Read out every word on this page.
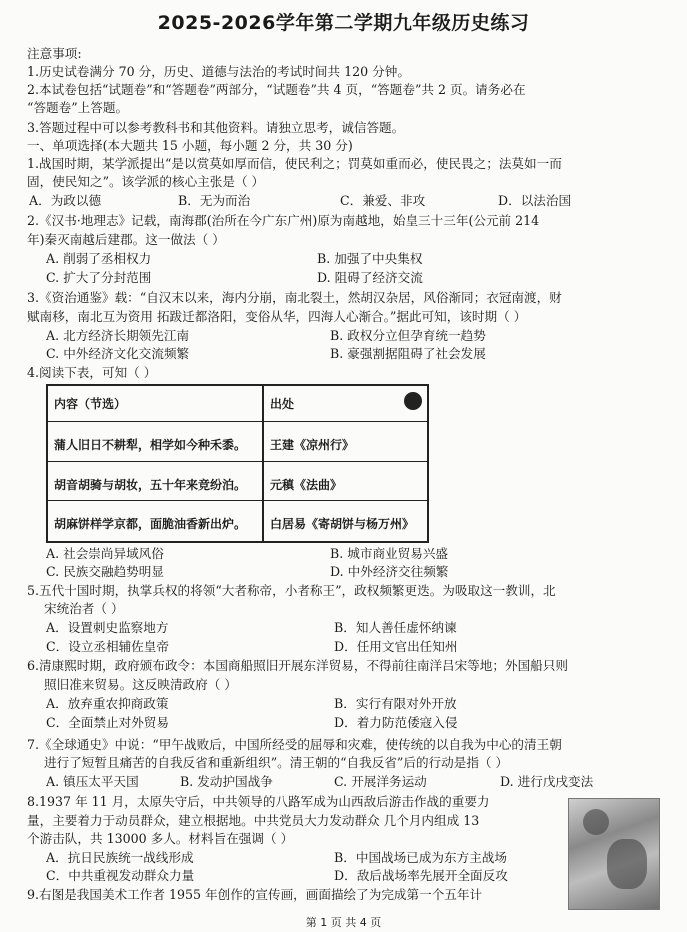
2025-2026学年第二学期九年级历史练习
注意事项:
1.历史试卷满分 70 分，历史、道德与法治的考试时间共 120 分钟。
2.本试卷包括“试题卷”和“答题卷”两部分，“试题卷”共 4 页，“答题卷”共 2 页。请务必在
“答题卷”上答题。
3.答题过程中可以参考教科书和其他资料。请独立思考，诚信答题。
一、单项选择(本大题共 15 小题，每小题 2 分，共 30 分)
1.战国时期，某学派提出“是以赏莫如厚而信，使民利之；罚莫如重而必，使民畏之；法莫如一而
固，使民知之”。该学派的核心主张是（ ）
A．为政以德	B．无为而治	C．兼爱、非攻	D．以法治国
2.《汉书·地理志》记载，南海郡(治所在今广东广州)原为南越地，始皇三十三年(公元前 214
年)秦灭南越后建郡。这一做法（ ）
A. 削弱了丞相权力	B. 加强了中央集权
C. 扩大了分封范围	D. 阻碍了经济交流
3.《资治通鉴》载：“自汉末以来，海内分崩，南北裂土，然胡汉杂居，风俗渐同；衣冠南渡，财
赋南移，南北互为资用 拓跋迁都洛阳，变俗从华，四海人心渐合。”据此可知，该时期（ ）
A. 北方经济长期领先江南	B. 政权分立但孕育统一趋势
C. 中外经济文化交流频繁	B. 豪强割据阻碍了社会发展
4.阅读下表，可知（ ）
内容（节选）	出处
蒲人旧日不耕犁，相学如今种禾黍。 王建《凉州行》
胡音胡骑与胡妆，五十年来竞纷泊。 元稹《法曲》
胡麻饼样学京都，面脆油香新出炉。 白居易《寄胡饼与杨万州》
A. 社会崇尚异域风俗	B. 城市商业贸易兴盛
C. 民族交融趋势明显	D. 中外经济交往频繁
5.五代十国时期，执掌兵权的将领“大者称帝，小者称王”，政权频繁更迭。为吸取这一教训，北
宋统治者（ ）
A．设置刺史监察地方	B．知人善任虚怀纳谏
C．设立丞相辅佐皇帝	D．任用文官出任知州
6.清康熙时期，政府颁布政令：本国商船照旧开展东洋贸易，不得前往南洋吕宋等地；外国船只则
照旧准来贸易。这反映清政府（ ）
A．放弃重农抑商政策	B．实行有限对外开放
C．全面禁止对外贸易	D．着力防范倭寇入侵
7.《全球通史》中说：“甲午战败后，中国所经受的屈辱和灾难，使传统的以自我为中心的清王朝
进行了短暂且痛苦的自我反省和重新组织”。清王朝的“自我反省”后的行动是指（ ）
A. 镇压太平天国	B. 发动护国战争	C. 开展洋务运动	D. 进行戊戌变法
8.1937 年 11 月，太原失守后，中共领导的八路军成为山西敌后游击作战的重要力
量，主要着力于动员群众，建立根据地。中共党员大力发动群众 几个月内组成 13
个游击队，共 13000 多人。材料旨在强调（ ）
A．抗日民族统一战线形成	B．中国战场已成为东方主战场
C．中共重视发动群众力量	D．敌后战场率先展开全面反攻
9.右图是我国美术工作者 1955 年创作的宣传画，画面描绘了为完成第一个五年计
第 1 页 共 4 页
